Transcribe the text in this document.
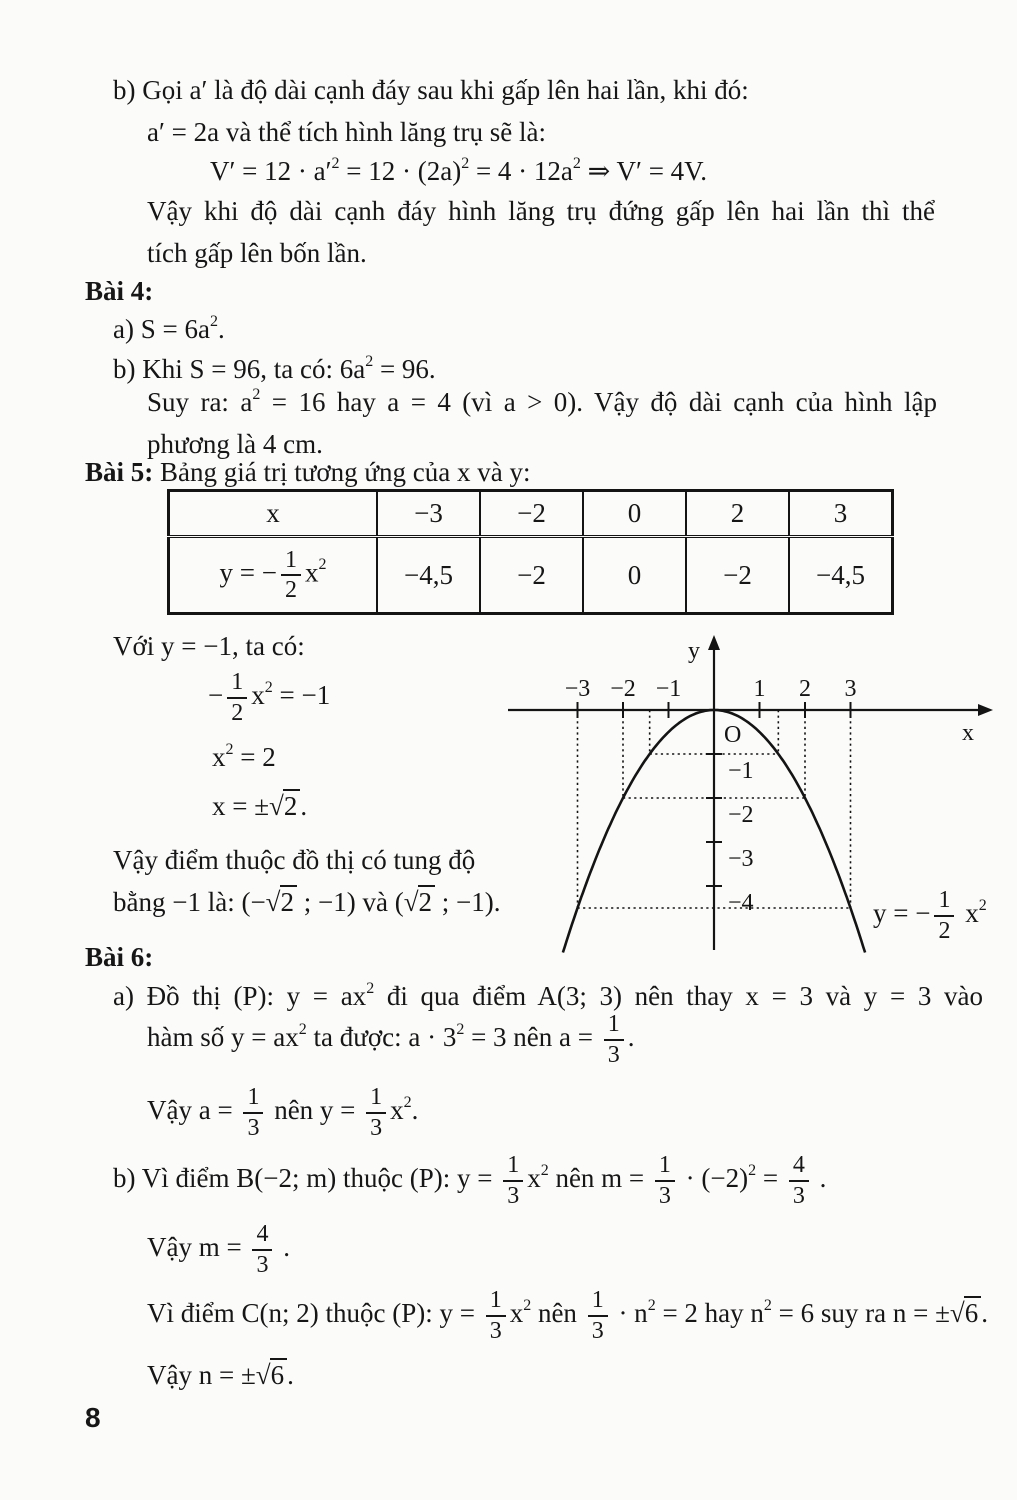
b) Gọi a′ là độ dài cạnh đáy sau khi gấp lên hai lần, khi đó:
a′ = 2a và thể tích hình lăng trụ sẽ là:
$V' = 12 \cdot a'^2 = 12 \cdot (2a)^2 = 4 \cdot 12a^2$ ⇒ V′ = 4V.
Vậy khi độ dài cạnh đáy hình lăng trụ đứng gấp lên hai lần thì thể
tích gấp lên bốn lần.
Bài 4:
a) $S = 6a^2$.
b) Khi S = 96, ta có: $6a^2 = 96$.
Suy ra: $a^2 = 16$ hay a = 4 (vì a > 0). Vậy độ dài cạnh của hình lập
phương là 4 cm.
Bài 5: Bảng giá trị tương ứng của x và y:
x	−3	−2	0	2	3
y = − $\frac{1}{2} x^2$	−4,5	−2	0	−2	−4,5
Với y = −1, ta có:
− $\frac{1}{2} x^2 = -1$
$x^2 = 2$
x = ±√2 .
Vậy điểm thuộc đồ thị có tung độ
bằng −1 là: (−√2 ; −1) và (√2 ; −1).
−3 −2 −1	1 2 3
−1
−2
−3
−4
y
x
O
y = − $\frac{1}{2} x^2$
Bài 6:
a) Đồ thị (P): $y = ax^2$ đi qua điểm A(3; 3) nên thay x = 3 và y = 3 vào
hàm số $y = ax^2$ ta được: $a \cdot 3^2 = 3$ nên $a = \frac{1}{3}$ .
Vậy $a = \frac{1}{3}$ nên $y = \frac{1}{3} x^2$.
b) Vì điểm B(−2; m) thuộc (P): $y = \frac{1}{3} x^2$ nên $m = \frac{1}{3} \cdot (-2)^2 = \frac{4}{3}$ .
Vậy $m = \frac{4}{3}$ .
Vì điểm C(n; 2) thuộc (P): $y = \frac{1}{3} x^2$ nên $\frac{1}{3} \cdot n^2 = 2$ hay $n^2 = 6$ suy ra n = ±√6 .
Vậy n = ±√6 .
8
